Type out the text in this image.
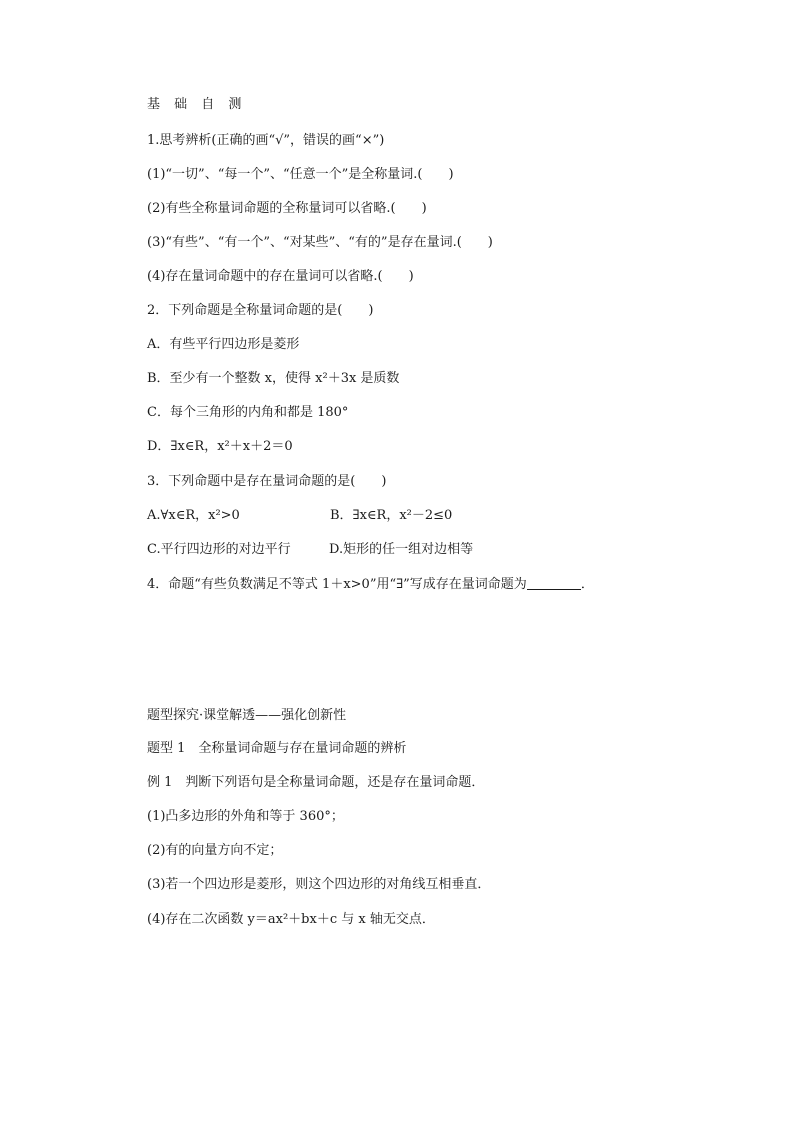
基 础 自 测
1.思考辨析(正确的画“√”，错误的画“×”)
(1)“一切”、“每一个”、“任意一个”是全称量词.(　　)
(2)有些全称量词命题的全称量词可以省略.(　　)
(3)“有些”、“有一个”、“对某些”、“有的”是存在量词.(　　)
(4)存在量词命题中的存在量词可以省略.(　　)
2．下列命题是全称量词命题的是(　　)
A．有些平行四边形是菱形
B．至少有一个整数 x，使得 x²＋3x 是质数
C．每个三角形的内角和都是 180°
D．∃x∈R，x²＋x＋2＝0
3．下列命题中是存在量词命题的是(　　)
A.∀x∈R，x²>0	B．∃x∈R，x²－2≤0
C.平行四边形的对边平行	D.矩形的任一组对边相等
4．命题“有些负数满足不等式 1＋x>0”用“∃”写成存在量词命题为	．
题型探究·课堂解透——强化创新性
题型 1　全称量词命题与存在量词命题的辨析
例 1　判断下列语句是全称量词命题，还是存在量词命题．
(1)凸多边形的外角和等于 360°；
(2)有的向量方向不定；
(3)若一个四边形是菱形，则这个四边形的对角线互相垂直．
(4)存在二次函数 y＝ax²＋bx＋c 与 x 轴无交点．
